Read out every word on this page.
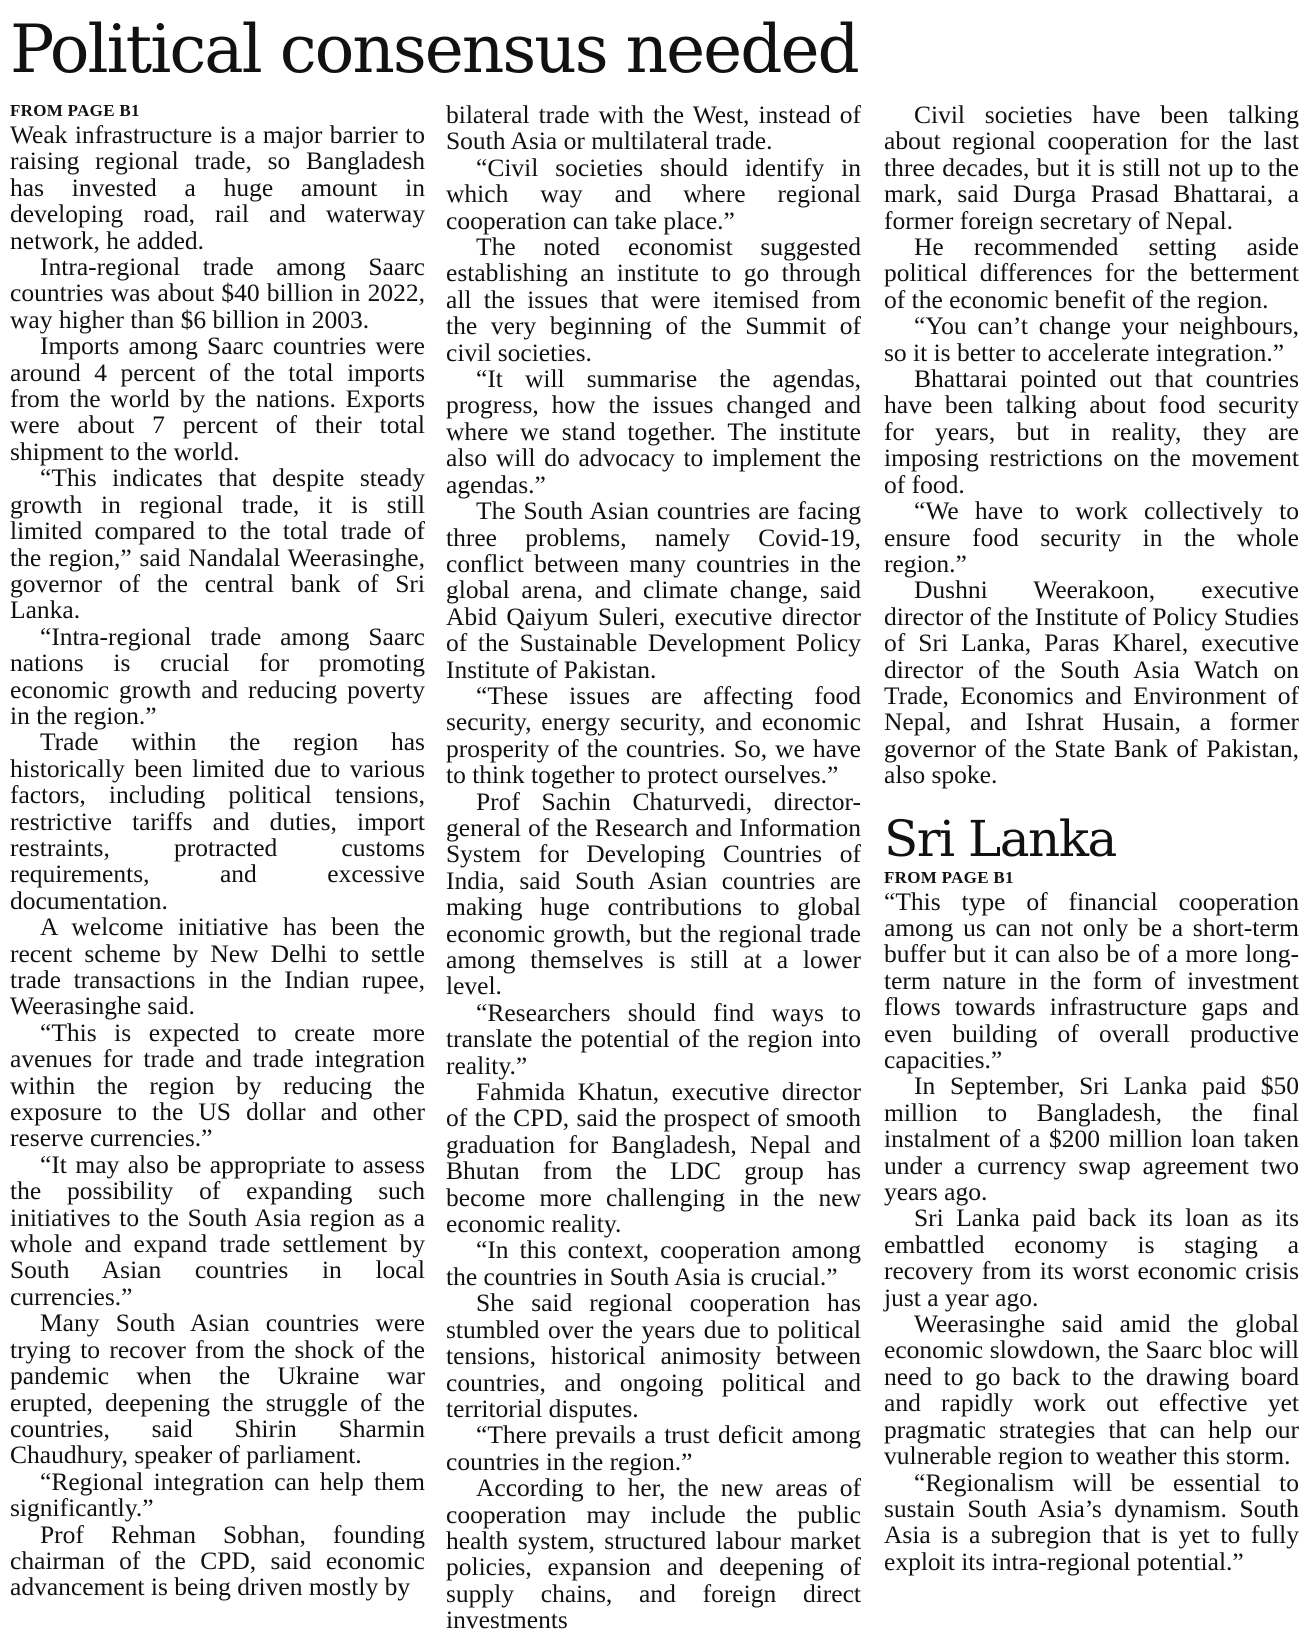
Political consensus needed
FROM PAGE B1

Weak infrastructure is a major barrier to raising regional trade, so Bangladesh has invested a huge amount in developing road, rail and waterway network, he added.

Intra-regional trade among Saarc countries was about $40 billion in 2022, way higher than $6 billion in 2003.

Imports among Saarc countries were around 4 percent of the total imports from the world by the nations. Exports were about 7 percent of their total shipment to the world.

“This indicates that despite steady growth in regional trade, it is still limited compared to the total trade of the region,” said Nandalal Weerasinghe, governor of the central bank of Sri Lanka.

“Intra-regional trade among Saarc nations is crucial for promoting economic growth and reducing poverty in the region.”

Trade within the region has historically been limited due to various factors, including political tensions, restrictive tariffs and duties, import restraints, protracted customs requirements, and excessive documentation.

A welcome initiative has been the recent scheme by New Delhi to settle trade transactions in the Indian rupee, Weerasinghe said.

“This is expected to create more avenues for trade and trade integration within the region by reducing the exposure to the US dollar and other reserve currencies.”

“It may also be appropriate to assess the possibility of expanding such initiatives to the South Asia region as a whole and expand trade settlement by South Asian countries in local currencies.”

Many South Asian countries were trying to recover from the shock of the pandemic when the Ukraine war erupted, deepening the struggle of the countries, said Shirin Sharmin Chaudhury, speaker of parliament.

“Regional integration can help them significantly.”

Prof Rehman Sobhan, founding chairman of the CPD, said economic advancement is being driven mostly by

bilateral trade with the West, instead of South Asia or multilateral trade.

“Civil societies should identify in which way and where regional cooperation can take place.”

The noted economist suggested establishing an institute to go through all the issues that were itemised from the very beginning of the Summit of civil societies.

“It will summarise the agendas, progress, how the issues changed and where we stand together. The institute also will do advocacy to implement the agendas.”

The South Asian countries are facing three problems, namely Covid-19, conflict between many countries in the global arena, and climate change, said Abid Qaiyum Suleri, executive director of the Sustainable Development Policy Institute of Pakistan.

“These issues are affecting food security, energy security, and economic prosperity of the countries. So, we have to think together to protect ourselves.”

Prof Sachin Chaturvedi, director-general of the Research and Information System for Developing Countries of India, said South Asian countries are making huge contributions to global economic growth, but the regional trade among themselves is still at a lower level.

“Researchers should find ways to translate the potential of the region into reality.”

Fahmida Khatun, executive director of the CPD, said the prospect of smooth graduation for Bangladesh, Nepal and Bhutan from the LDC group has become more challenging in the new economic reality.

“In this context, cooperation among the countries in South Asia is crucial.”

She said regional cooperation has stumbled over the years due to political tensions, historical animosity between countries, and ongoing political and territorial disputes.

“There prevails a trust deficit among countries in the region.”

According to her, the new areas of cooperation may include the public health system, structured labour market policies, expansion and deepening of supply chains, and foreign direct investments

Civil societies have been talking about regional cooperation for the last three decades, but it is still not up to the mark, said Durga Prasad Bhattarai, a former foreign secretary of Nepal.

He recommended setting aside political differences for the betterment of the economic benefit of the region.

“You can’t change your neighbours, so it is better to accelerate integration.”

Bhattarai pointed out that countries have been talking about food security for years, but in reality, they are imposing restrictions on the movement of food.

“We have to work collectively to ensure food security in the whole region.”

Dushni Weerakoon, executive director of the Institute of Policy Studies of Sri Lanka, Paras Kharel, executive director of the South Asia Watch on Trade, Economics and Environment of Nepal, and Ishrat Husain, a former governor of the State Bank of Pakistan, also spoke.

Sri Lanka
FROM PAGE B1

“This type of financial cooperation among us can not only be a short-term buffer but it can also be of a more long-term nature in the form of investment flows towards infrastructure gaps and even building of overall productive capacities.”

In September, Sri Lanka paid $50 million to Bangladesh, the final instalment of a $200 million loan taken under a currency swap agreement two years ago.

Sri Lanka paid back its loan as its embattled economy is staging a recovery from its worst economic crisis just a year ago.

Weerasinghe said amid the global economic slowdown, the Saarc bloc will need to go back to the drawing board and rapidly work out effective yet pragmatic strategies that can help our vulnerable region to weather this storm.

“Regionalism will be essential to sustain South Asia’s dynamism. South Asia is a subregion that is yet to fully exploit its intra-regional potential.”
